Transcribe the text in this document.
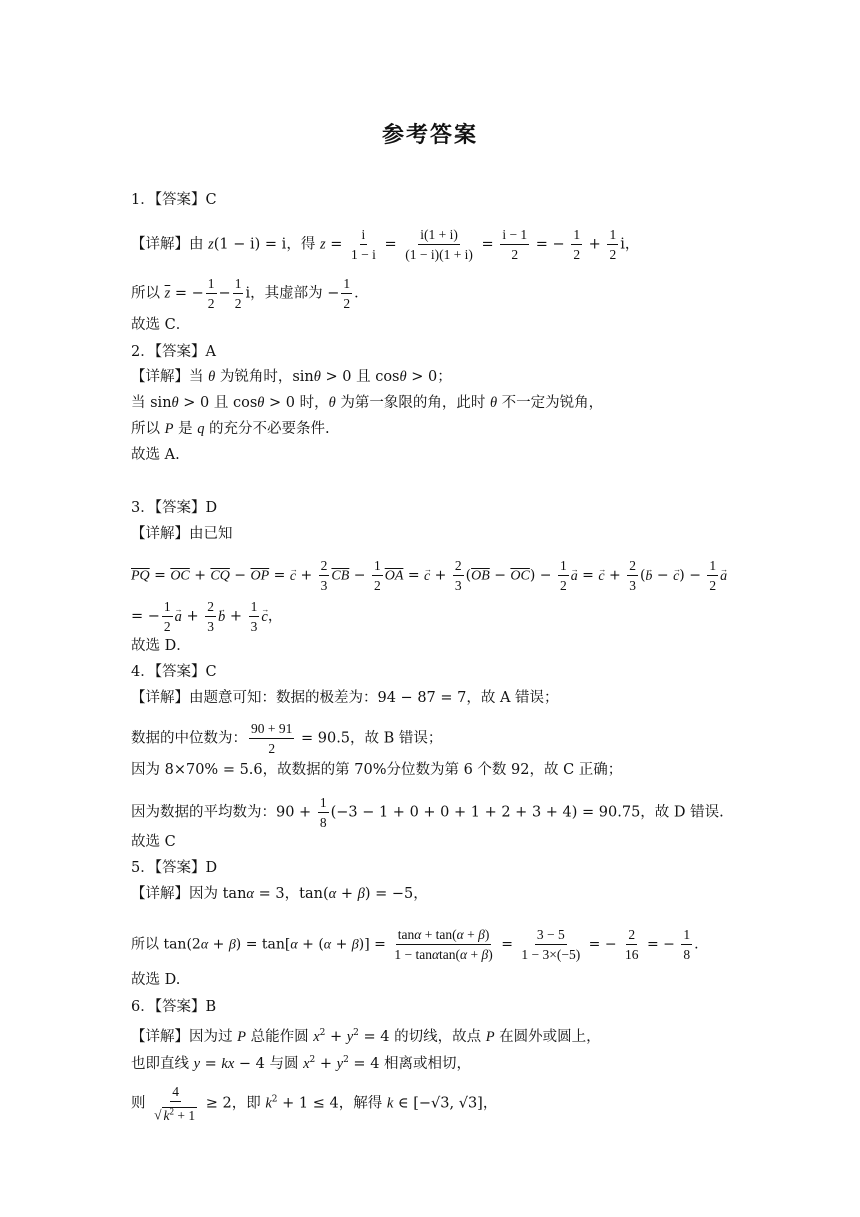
参考答案
1．【答案】C
【详解】由 z(1 − i) = i，得 $z = \frac{i}{1 - i} = \frac{i(1 + i)}{(1 - i)(1 + i)} = \frac{i - 1}{2}$ = − $\frac{1}{2} + \frac{1}{2}$ i，
所以 $\overline{z}$ = − $\frac{1}{2} - \frac{1}{2}$ i，其虚部为 − $\frac{1}{2}$ ．
故选 C．
2．【答案】A
【详解】当 θ 为锐角时，sinθ > 0 且 cosθ > 0；
当 sinθ > 0 且 cosθ > 0 时，θ 为第一象限的角，此时 θ 不一定为锐角，
所以 P 是 q 的充分不必要条件.
故选 A.
3．【答案】D
【详解】由已知
$\overline{PQ} = \overline{OC} + \overline{CQ} - \overline{OP}$ = → $c + \frac{2}{3} \overline{CB} - \frac{1}{2} \overline{OA}$ = → $c + \frac{2}{3} (\overline{OB} - \overline{OC}) - \frac{1}{2} \to a$ = → $c + \frac{2}{3}$ (→ b − → $c) - \frac{1}{2} \to a$
= − $\frac{1}{2} \to a + \frac{2}{3} \to b + \frac{1}{3} \to c$，
故选 D．
4．【答案】C
【详解】由题意可知：数据的极差为：94 − 87 = 7，故 A 错误；
数据的中位数为： $\frac{90 + 91}{2} = 90.5$，故 B 错误；
因为 8×70% = 5.6，故数据的第 70%分位数为第 6 个数 92，故 C 正确；
因为数据的平均数为：$90 + \frac{1}{8} (-3 - 1 + 0 + 0 + 1 + 2 + 3 + 4) = 90.75$，故 D 错误.
故选 C
5．【答案】D
【详解】因为 tanα = 3，tan(α + β) = −5，
所以 $\tan(2\alpha + \beta) = \tan[\alpha + (\alpha + \beta)] = \frac{\tan\alpha + \tan(\alpha + \beta)}{1 - \tan\alpha\tan(\alpha + \beta)} = \frac{3 - 5}{1 - 3\times(-5)}$ = − $\frac{2}{16}$ = − $\frac{1}{8}$ .
故选 D.
6．【答案】B
【详解】因为过 P 总能作圆 $x^2 + y^2 = 4$ 的切线，故点 P 在圆外或圆上，
也即直线 y = kx − 4 与圆 $x^2 + y^2 = 4$ 相离或相切，
则 $\frac{4}{√ k^2 + 1} \ge 2$，即 $k^2 + 1 \le 4$，解得 k ∈ [−√3, √3]，
